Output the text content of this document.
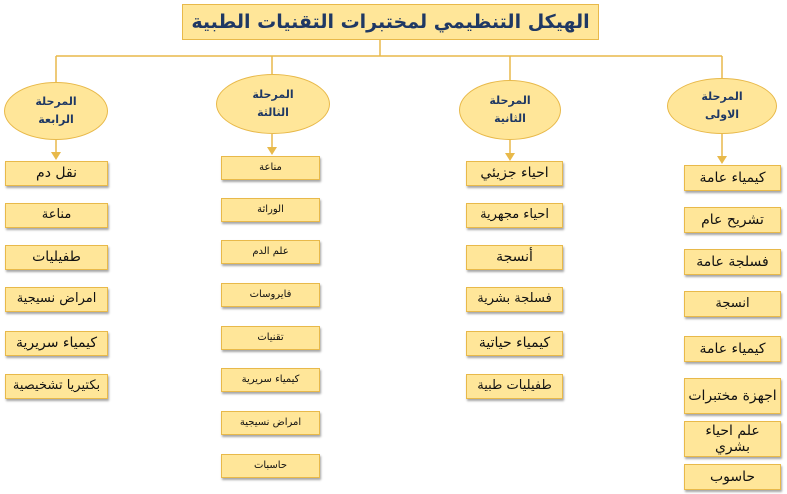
الهيكل التنظيمي لمختبرات التقنيات الطبية
المرحلة
الرابعة
المرحلة
الثالثة
المرحلة
الثانية
المرحلة
الاولى
نقل دم
مناعة
طفيليات
امراض نسيجية
كيمياء سريرية
بكتيريا تشخيصية
مناعة
الوراثة
علم الدم
فايروسات
تقنيات
كيمياء سريرية
امراض نسيجية
حاسبات
احياء جزيئي
احياء مجهرية
أنسجة
فسلجة بشرية
كيمياء حياتية
طفيليات طبية
كيمياء عامة
تشريح عام
فسلجة عامة
انسجة
كيمياء عامة
اجهزة مختبرات
علم احياء بشري
حاسوب
